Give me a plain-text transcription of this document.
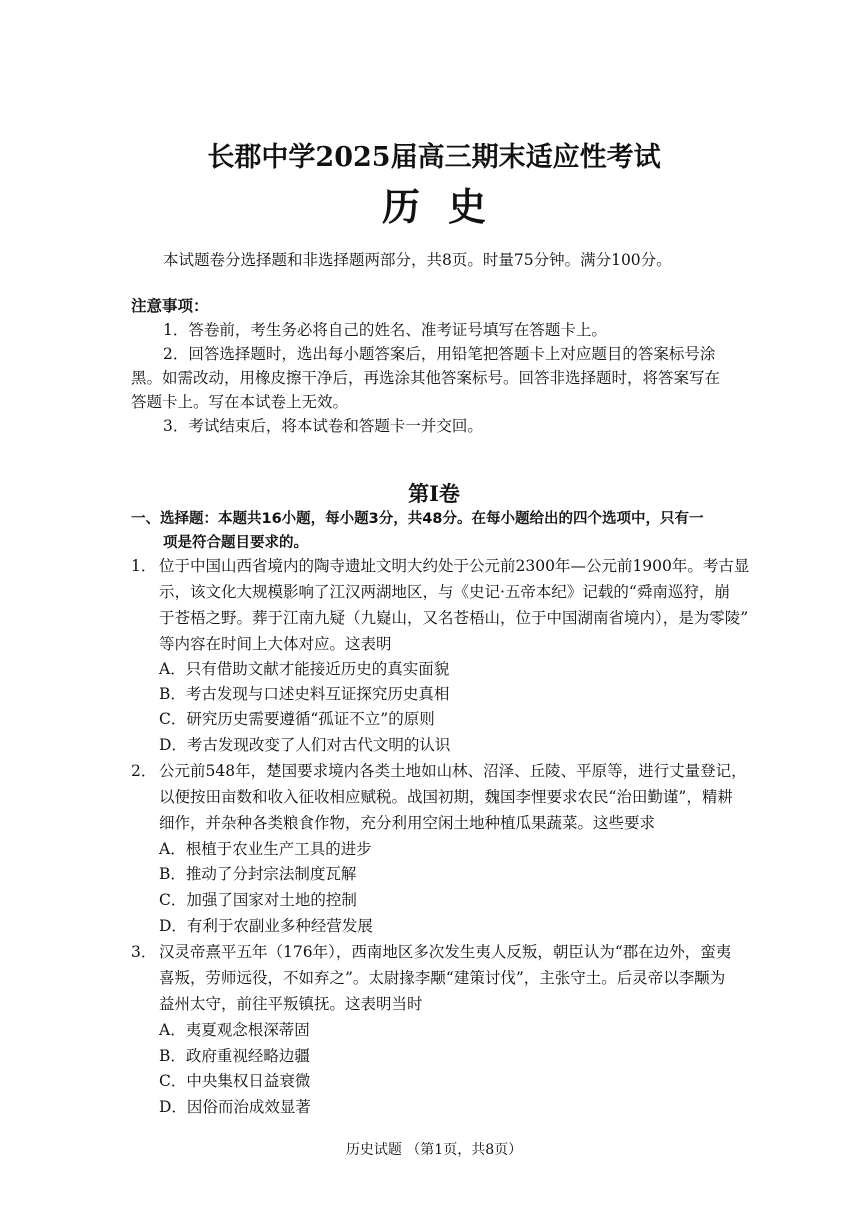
长郡中学2025届高三期末适应性考试
历史
本试题卷分选择题和非选择题两部分，共8页。时量75分钟。满分100分。
注意事项：
1．答卷前，考生务必将自己的姓名、准考证号填写在答题卡上。
2．回答选择题时，选出每小题答案后，用铅笔把答题卡上对应题目的答案标号涂
黑。如需改动，用橡皮擦干净后，再选涂其他答案标号。回答非选择题时，将答案写在
答题卡上。写在本试卷上无效。
3．考试结束后，将本试卷和答题卡一并交回。
第Ⅰ卷
一、选择题：本题共16小题，每小题3分，共48分。在每小题给出的四个选项中，只有一
项是符合题目要求的。
1． 位于中国山西省境内的陶寺遗址文明大约处于公元前2300年—公元前1900年。考古显
示，该文化大规模影响了江汉两湖地区，与《史记·五帝本纪》记载的“舜南巡狩，崩
于苍梧之野。葬于江南九疑（九嶷山，又名苍梧山，位于中国湖南省境内），是为零陵”
等内容在时间上大体对应。这表明
A．只有借助文献才能接近历史的真实面貌
B．考古发现与口述史料互证探究历史真相
C．研究历史需要遵循“孤证不立”的原则
D．考古发现改变了人们对古代文明的认识
2． 公元前548年，楚国要求境内各类土地如山林、沼泽、丘陵、平原等，进行丈量登记，
以便按田亩数和收入征收相应赋税。战国初期，魏国李悝要求农民“治田勤谨”，精耕
细作，并杂种各类粮食作物，充分利用空闲土地种植瓜果蔬菜。这些要求
A．根植于农业生产工具的进步
B．推动了分封宗法制度瓦解
C．加强了国家对土地的控制
D．有利于农副业多种经营发展
3． 汉灵帝熹平五年（176年），西南地区多次发生夷人反叛，朝臣认为“郡在边外，蛮夷
喜叛，劳师远役，不如弃之”。太尉掾李颙“建策讨伐”，主张守土。后灵帝以李颙为
益州太守，前往平叛镇抚。这表明当时
A．夷夏观念根深蒂固
B．政府重视经略边疆
C．中央集权日益衰微
D．因俗而治成效显著
历史试题 （第1页，共8页）
